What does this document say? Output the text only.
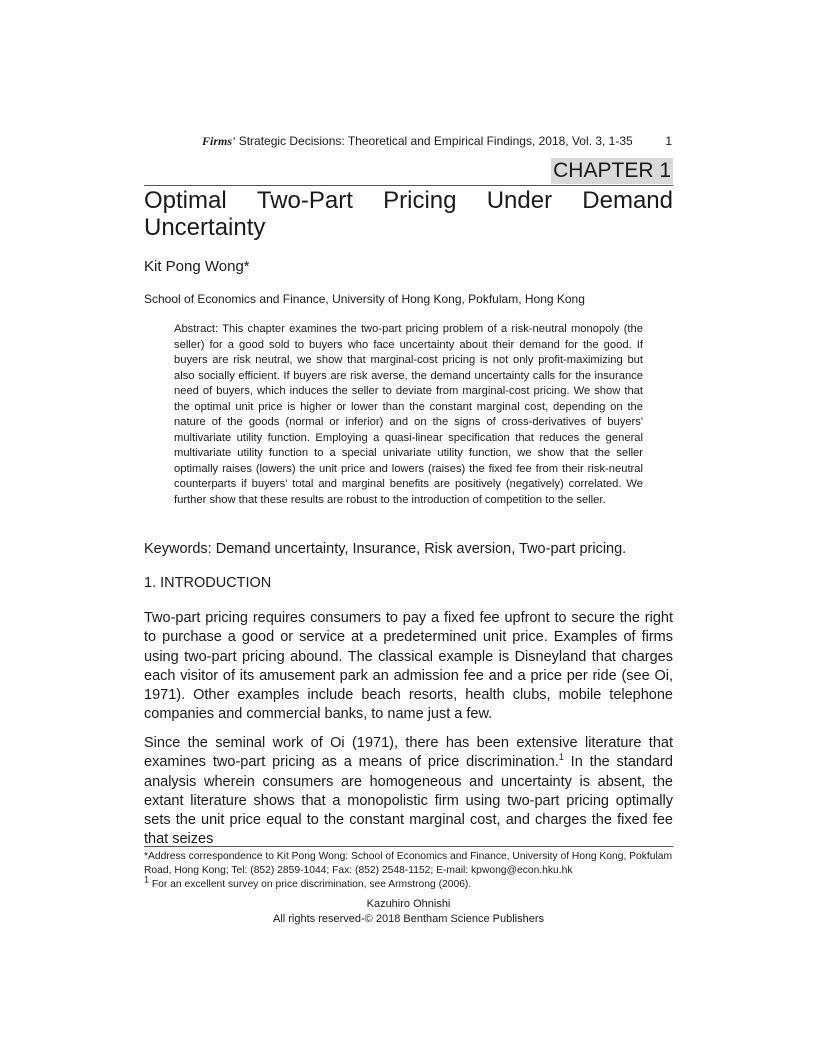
Firms' Strategic Decisions: Theoretical and Empirical Findings, 2018, Vol. 3, 1-35	1
CHAPTER 1
Optimal Two-Part Pricing Under Demand
Uncertainty
Kit Pong Wong*
School of Economics and Finance, University of Hong Kong, Pokfulam, Hong Kong
Abstract: This chapter examines the two-part pricing problem of a risk-neutral monopoly (the seller) for a good sold to buyers who face uncertainty about their demand for the good. If buyers are risk neutral, we show that marginal-cost pricing is not only profit-maximizing but also socially efficient. If buyers are risk averse, the demand uncertainty calls for the insurance need of buyers, which induces the seller to deviate from marginal-cost pricing. We show that the optimal unit price is higher or lower than the constant marginal cost, depending on the nature of the goods (normal or inferior) and on the signs of cross-derivatives of buyers' multivariate utility function. Employing a quasi-linear specification that reduces the general multivariate utility function to a special univariate utility function, we show that the seller optimally raises (lowers) the unit price and lowers (raises) the fixed fee from their risk-neutral counterparts if buyers' total and marginal benefits are positively (negatively) correlated. We further show that these results are robust to the introduction of competition to the seller.
Keywords: Demand uncertainty, Insurance, Risk aversion, Two-part pricing.
1. INTRODUCTION
Two-part pricing requires consumers to pay a fixed fee upfront to secure the right to purchase a good or service at a predetermined unit price. Examples of firms using two-part pricing abound. The classical example is Disneyland that charges each visitor of its amusement park an admission fee and a price per ride (see Oi, 1971). Other examples include beach resorts, health clubs, mobile telephone companies and commercial banks, to name just a few.
Since the seminal work of Oi (1971), there has been extensive literature that examines two-part pricing as a means of price discrimination.$^1$ In the standard analysis wherein consumers are homogeneous and uncertainty is absent, the extant literature shows that a monopolistic firm using two-part pricing optimally sets the unit price equal to the constant marginal cost, and charges the fixed fee that seizes
*Address correspondence to Kit Pong Wong: School of Economics and Finance, University of Hong Kong, Pokfulam Road, Hong Kong; Tel: (852) 2859-1044; Fax: (852) 2548-1152; E-mail: kpwong@econ.hku.hk
$^1$ For an excellent survey on price discrimination, see Armstrong (2006).
Kazuhiro Ohnishi
All rights reserved-© 2018 Bentham Science Publishers
